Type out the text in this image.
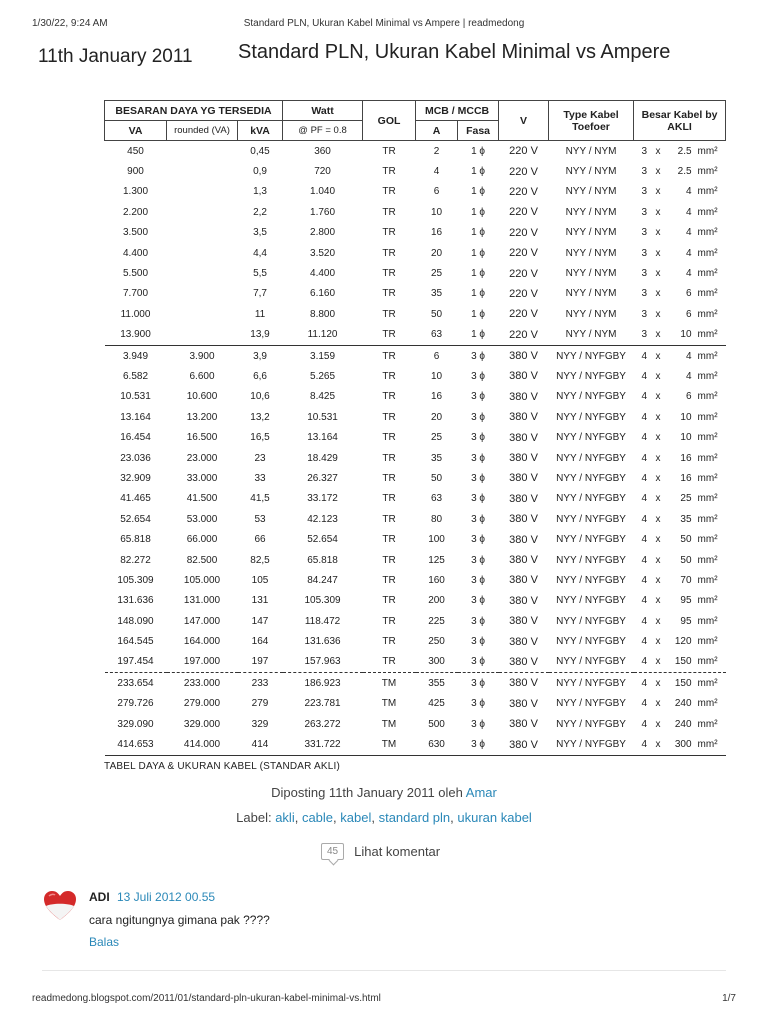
1/30/22, 9:24 AM	Standard PLN, Ukuran Kabel Minimal vs Ampere | readmedong
11th January 2011 Standard PLN, Ukuran Kabel Minimal vs Ampere
BESARAN DAYA YG TERSEDIA			Watt	GOL	MCB / MCCB		V	Type Kabel Toefoer	Besar Kabel by AKLI
VA	rounded (VA)	kVA	@ PF = 0.8		A	Fasa			
450		0,45	360	TR	2	1 ϕ	220 V	NYY / NYM	3 x 2.5 mm²
900		0,9	720	TR	4	1 ϕ	220 V	NYY / NYM	3 x 2.5 mm²
1.300		1,3	1.040	TR	6	1 ϕ	220 V	NYY / NYM	3 x 4 mm²
2.200		2,2	1.760	TR	10	1 ϕ	220 V	NYY / NYM	3 x 4 mm²
3.500		3,5	2.800	TR	16	1 ϕ	220 V	NYY / NYM	3 x 4 mm²
4.400		4,4	3.520	TR	20	1 ϕ	220 V	NYY / NYM	3 x 4 mm²
5.500		5,5	4.400	TR	25	1 ϕ	220 V	NYY / NYM	3 x 4 mm²
7.700		7,7	6.160	TR	35	1 ϕ	220 V	NYY / NYM	3 x 6 mm²
11.000		11	8.800	TR	50	1 ϕ	220 V	NYY / NYM	3 x 6 mm²
13.900		13,9	11.120	TR	63	1 ϕ	220 V	NYY / NYM	3 x 10 mm²
3.949	3.900	3,9	3.159	TR	6	3 ϕ	380 V	NYY / NYFGBY	4 x 4 mm²
6.582	6.600	6,6	5.265	TR	10	3 ϕ	380 V	NYY / NYFGBY	4 x 4 mm²
10.531	10.600	10,6	8.425	TR	16	3 ϕ	380 V	NYY / NYFGBY	4 x 6 mm²
13.164	13.200	13,2	10.531	TR	20	3 ϕ	380 V	NYY / NYFGBY	4 x 10 mm²
16.454	16.500	16,5	13.164	TR	25	3 ϕ	380 V	NYY / NYFGBY	4 x 10 mm²
23.036	23.000	23	18.429	TR	35	3 ϕ	380 V	NYY / NYFGBY	4 x 16 mm²
32.909	33.000	33	26.327	TR	50	3 ϕ	380 V	NYY / NYFGBY	4 x 16 mm²
41.465	41.500	41,5	33.172	TR	63	3 ϕ	380 V	NYY / NYFGBY	4 x 25 mm²
52.654	53.000	53	42.123	TR	80	3 ϕ	380 V	NYY / NYFGBY	4 x 35 mm²
65.818	66.000	66	52.654	TR	100	3 ϕ	380 V	NYY / NYFGBY	4 x 50 mm²
82.272	82.500	82,5	65.818	TR	125	3 ϕ	380 V	NYY / NYFGBY	4 x 50 mm²
105.309	105.000	105	84.247	TR	160	3 ϕ	380 V	NYY / NYFGBY	4 x 70 mm²
131.636	131.000	131	105.309	TR	200	3 ϕ	380 V	NYY / NYFGBY	4 x 95 mm²
148.090	147.000	147	118.472	TR	225	3 ϕ	380 V	NYY / NYFGBY	4 x 95 mm²
164.545	164.000	164	131.636	TR	250	3 ϕ	380 V	NYY / NYFGBY	4 x 120 mm²
197.454	197.000	197	157.963	TR	300	3 ϕ	380 V	NYY / NYFGBY	4 x 150 mm²
233.654	233.000	233	186.923	TM	355	3 ϕ	380 V	NYY / NYFGBY	4 x 150 mm²
279.726	279.000	279	223.781	TM	425	3 ϕ	380 V	NYY / NYFGBY	4 x 240 mm²
329.090	329.000	329	263.272	TM	500	3 ϕ	380 V	NYY / NYFGBY	4 x 240 mm²
414.653	414.000	414	331.722	TM	630	3 ϕ	380 V	NYY / NYFGBY	4 x 300 mm²
TABEL DAYA & UKURAN KABEL (STANDAR AKLI)
Diposting 11th January 2011 oleh Amar
Label: akli, cable, kabel, standard pln, ukuran kabel
45	Lihat komentar
ADI 13 Juli 2012 00.55
cara ngitungnya gimana pak ????
Balas
readmedong.blogspot.com/2011/01/standard-pln-ukuran-kabel-minimal-vs.html	1/7
